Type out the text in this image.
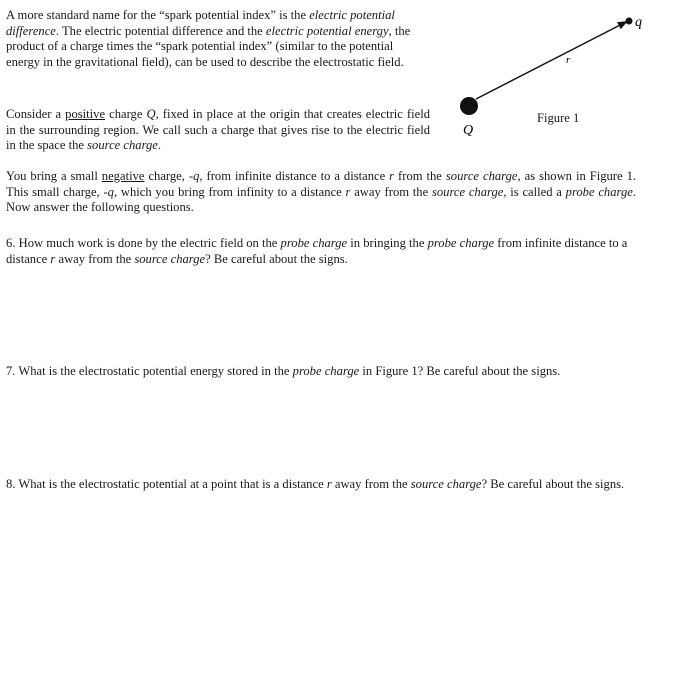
A more standard name for the “spark potential index” is the electric potential difference. The electric potential difference and the electric potential energy, the product of a charge times the “spark potential index” (similar to the potential energy in the gravitational field), can be used to describe the electrostatic field.

Consider a positive charge Q, fixed in place at the origin that creates electric field in the surrounding region. We call such a charge that gives rise to the electric field in the space the source charge.

You bring a small negative charge, -q, from infinite distance to a distance r from the source charge, as shown in Figure 1. This small charge, -q, which you bring from infinity to a distance r away from the source charge, is called a probe charge. Now answer the following questions.

6. How much work is done by the electric field on the probe charge in bringing the probe charge from infinite distance to a distance r away from the source charge? Be careful about the signs.

7. What is the electrostatic potential energy stored in the probe charge in Figure 1? Be careful about the signs.

8. What is the electrostatic potential at a point that is a distance r away from the source charge? Be careful about the signs.

r
q
Q
Figure 1
